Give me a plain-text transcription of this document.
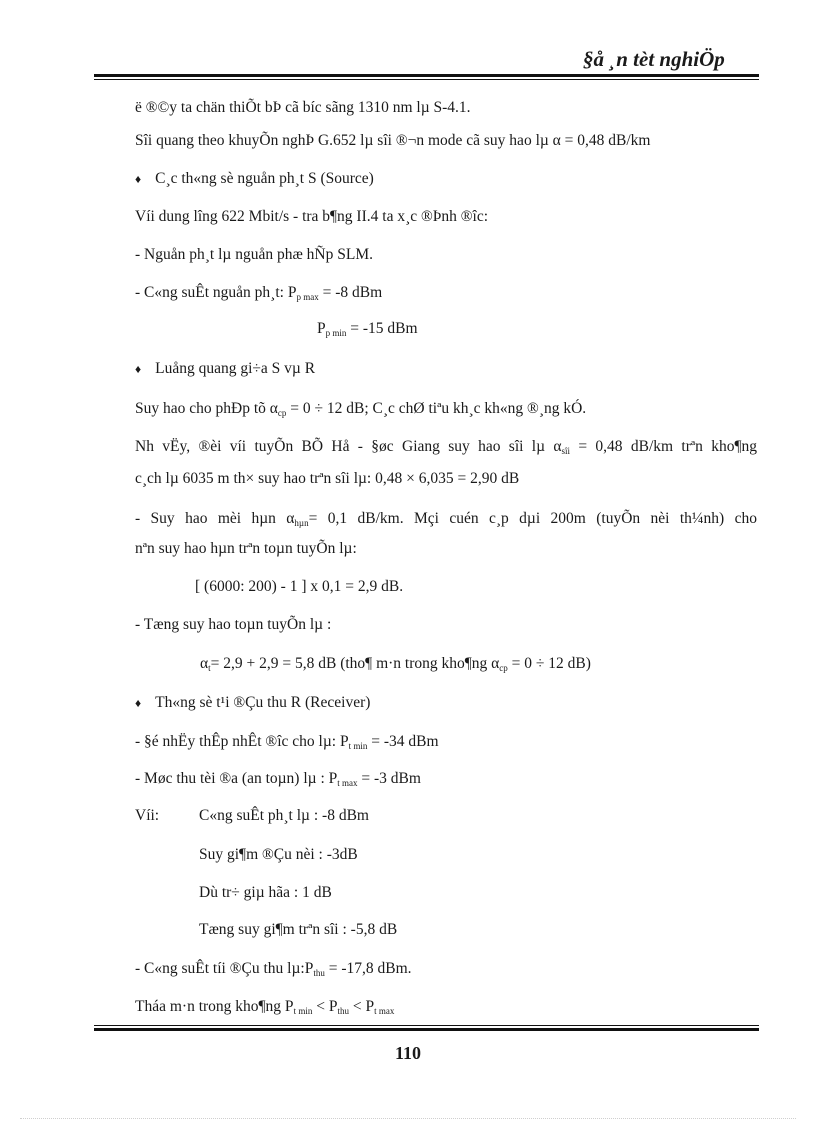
§å ¸n tèt nghiÖp
ë ®©y ta chän thiÕt bÞ cã bíc sãng 1310 nm lµ S-4.1.
Sîi quang theo khuyÕn nghÞ G.652 lµ sîi ®¬n mode cã suy hao lµ α = 0,48 dB/km
♦ C¸c th«ng sè nguån ph¸t S (Source)
Víi dung lîng 622 Mbit/s - tra b¶ng II.4 ta x¸c ®Þnh ®îc:
- Nguån ph¸t lµ nguån phæ hÑp SLM.
- C«ng suÊt nguån ph¸t: $P_{p max} = -8$ dBm
$P_{p min} = -15$ dBm
♦ Luång quang gi÷a S vµ R
Suy hao cho phÐp tõ $\alpha_{cp} = 0 \div 12$ dB; C¸c chØ tiªu kh¸c kh«ng ®¸ng kÓ.
Nh vËy, ®èi víi tuyÕn BÕ Hå - §øc Giang suy hao sîi lµ $\alpha_{sîi} = 0,48$ dB/km trªn kho¶ng
c¸ch lµ 6035 m th× suy hao trªn sîi lµ: 0,48 × 6,035 = 2,90 dB
- Suy hao mèi hµn $\alpha_{h\mu n}= 0,1$ dB/km. Mçi cuén c¸p dµi 200m (tuyÕn nèi th¼nh) cho
nªn suy hao hµn trªn toµn tuyÕn lµ:
[ (6000: 200) - 1 ] x 0,1 = 2,9 dB.
- Tæng suy hao toµn tuyÕn lµ :
$\alpha_t= 2,9 + 2,9 = 5,8$ dB (tho¶ m·n trong kho¶ng $\alpha_{cp} = 0 \div 12$ dB)
♦ Th«ng sè t¹i ®Çu thu R (Receiver)
- §é nhËy thÊp nhÊt ®îc cho lµ: $P_{t min} = -34$ dBm
- Møc thu tèi ®a (an toµn) lµ : $P_{t max} = -3$ dBm
Víi:	C«ng suÊt ph¸t lµ : -8 dBm
Suy gi¶m ®Çu nèi : -3dB
Dù tr÷ giµ hãa : 1 dB
Tæng suy gi¶m trªn sîi : -5,8 dB
- C«ng suÊt tíi ®Çu thu $l\mu:P_{thu} = -17,8$ dBm.
Tháa m·n trong kho¶ng $P_{t min} < P_{thu} < P_{t max}$
110
